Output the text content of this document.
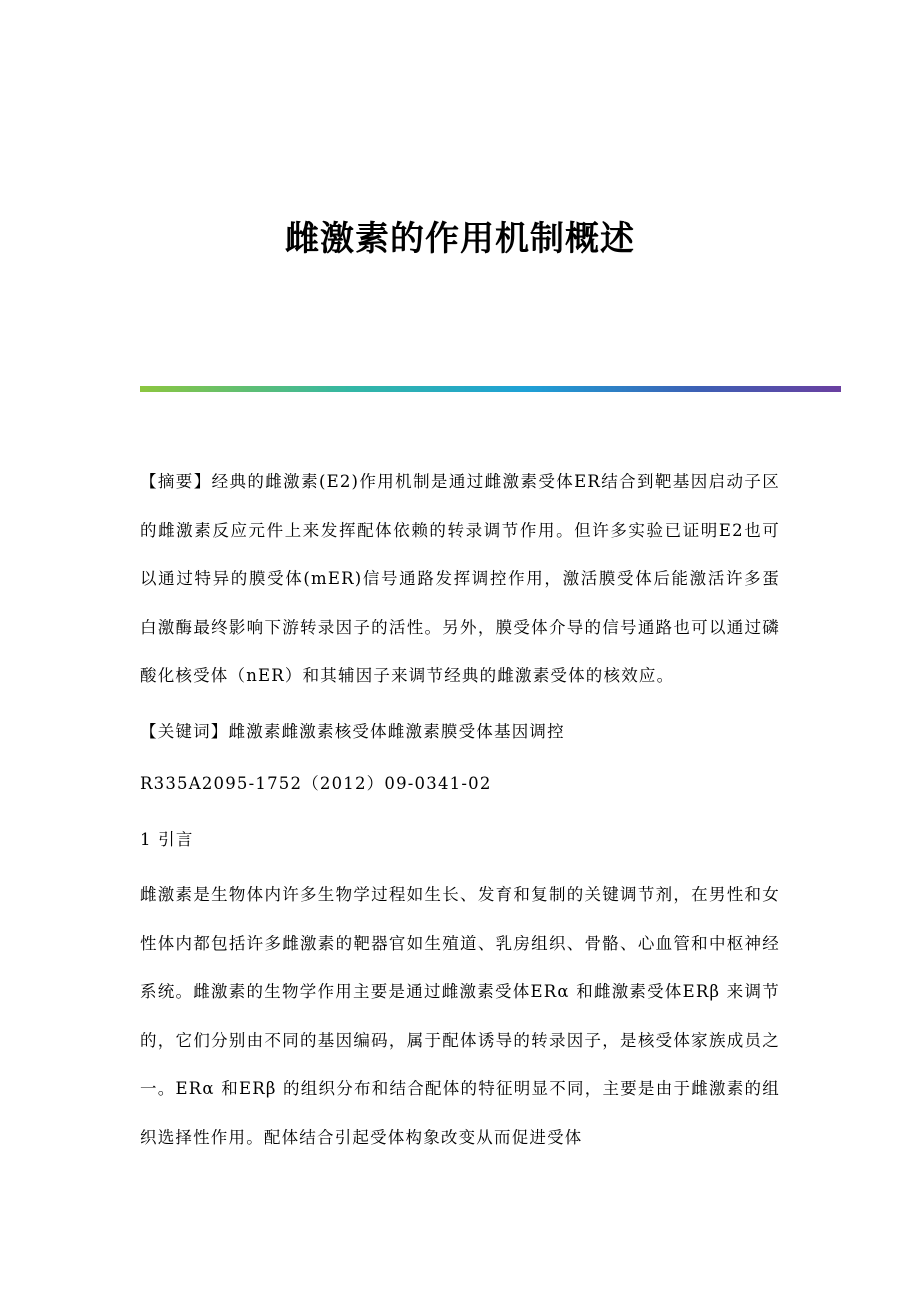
雌激素的作用机制概述

【摘要】经典的雌激素(E2)作用机制是通过雌激素受体ER结合到靶基因启动子区的雌激素反应元件上来发挥配体依赖的转录调节作用。但许多实验已证明E2也可以通过特异的膜受体(mER)信号通路发挥调控作用，激活膜受体后能激活许多蛋白激酶最终影响下游转录因子的活性。另外，膜受体介导的信号通路也可以通过磷酸化核受体（nER）和其辅因子来调节经典的雌激素受体的核效应。

【关键词】雌激素雌激素核受体雌激素膜受体基因调控

R335A2095-1752（2012）09-0341-02

1 引言

雌激素是生物体内许多生物学过程如生长、发育和复制的关键调节剂，在男性和女性体内都包括许多雌激素的靶器官如生殖道、乳房组织、骨骼、心血管和中枢神经系统。雌激素的生物学作用主要是通过雌激素受体ERα 和雌激素受体ERβ 来调节的，它们分别由不同的基因编码，属于配体诱导的转录因子，是核受体家族成员之一。ERα 和ERβ 的组织分布和结合配体的特征明显不同，主要是由于雌激素的组织选择性作用。配体结合引起受体构象改变从而促进受体
